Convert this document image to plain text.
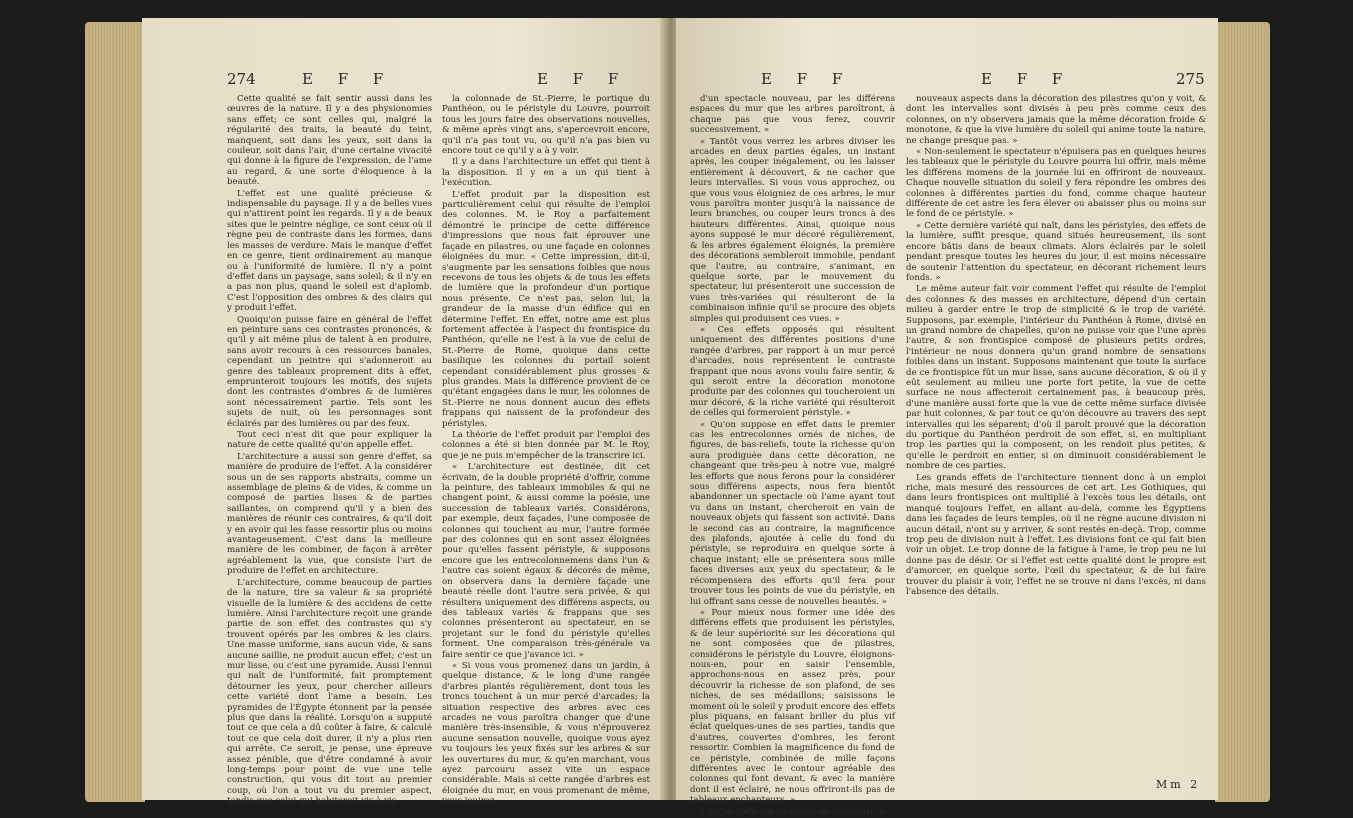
274	E F F	E F F

Cette qualité se fait sentir aussi dans les œuvres de la nature. Il y a des physionomies sans effet; ce sont celles qui, malgré la régularité des traits, la beauté du teint, manquent, soit dans les yeux, soit dans la couleur, soit dans l'air, d'une certaine vivacité qui donne à la figure de l'expression, de l'ame au regard, & une sorte d'éloquence à la beauté.

L'effet est une qualité précieuse & indispensable du paysage. Il y a de belles vues qui n'attirent point les regards. Il y a de beaux sites que le peintre néglige, ce sont ceux où il règne peu de contraste dans les formes, dans les masses de verdure. Mais le manque d'effet en ce genre, tient ordinairement au manque ou à l'uniformité de lumière. Il n'y a point d'effet dans un paysage, sans soleil; & il n'y en a pas non plus, quand le soleil est d'aplomb. C'est l'opposition des ombres & des clairs qui y produit l'effet.

Quoiqu'on puisse faire en général de l'effet en peinture sans ces contrastes prononcés, & qu'il y ait même plus de talent à en produire, sans avoir recours à ces ressources banales, cependant un peintre qui s'adonneroit au genre des tableaux proprement dits à effet, emprunteroit toujours les motifs, des sujets dont les contrastes d'ombres & de lumières sont nécessairement partie. Tels sont les sujets de nuit, où les personnages sont éclairés par des lumières ou par des feux.

Tout ceci n'est dit que pour expliquer la nature de cette qualité qu'on appelle effet.

L'architecture a aussi son genre d'effet, sa manière de produire de l'effet. A la considérer sous un de ses rapports abstraits, comme un assemblage de pleins & de vides, & comme un composé de parties lisses & de parties saillantes, on comprend qu'il y a bien des manières de réunir ces contraires, & qu'il doit y en avoir qui les fasse ressortir plus ou moins avantageusement. C'est dans la meilleure manière de les combiner, de façon à arrêter agréablement la vue, que consiste l'art de produire de l'effet en architecture.

L'architecture, comme beaucoup de parties de la nature, tire sa valeur & sa propriété visuelle de la lumière & des accidens de cette lumière. Ainsi l'architecture reçoit une grande partie de son effet des contrastes qui s'y trouvent opérés par les ombres & les clairs. Une masse uniforme, sans aucun vide, & sans aucune saillie, ne produit aucun effet; c'est un mur lisse, ou c'est une pyramide. Aussi l'ennui qui naît de l'uniformité, fait promptement détourner les yeux, pour chercher ailleurs cette variété dont l'ame a besoin. Les pyramides de l'Égypte étonnent par la pensée plus que dans la réalité. Lorsqu'on a supputé tout ce que cela a dû coûter à faire, & calculé tout ce que cela doit durer, il n'y a plus rien qui arrête. Ce seroit, je pense, une épreuve assez pénible, que d'être condamné à avoir long-temps pour point de vue une telle construction, qui vous dit tout au premier coup, où l'on a tout vu du premier aspect, tandis que celui qui habiteroit vis-à-vis

la colonnade de St.-Pierre, le portique du Panthéon, ou le péristyle du Louvre, pourroit tous les jours faire des observations nouvelles, & même après vingt ans, s'apercevroit encore, qu'il n'a pas tout vu, ou qu'il n'a pas bien vu encore tout ce qu'il y a à y voir.

Il y a dans l'architecture un effet qui tient à la disposition. Il y en a un qui tient à l'exécution.

L'effet produit par la disposition est particulièrement celui qui résulte de l'emploi des colonnes. M. le Roy a parfaitement démontré le principe de cette différence d'impressions que nous fait éprouver une façade en pilastres, ou une façade en colonnes éloignées du mur. « Cette impression, dit-il, s'augmente par les sensations foibles que nous recevons de tous les objets & de tous les effets de lumière que la profondeur d'un portique nous présente. Ce n'est pas, selon lui, la grandeur de la masse d'un édifice qui en détermine l'effet. En effet, notre ame est plus fortement affectée à l'aspect du frontispice du Panthéon, qu'elle ne l'est à la vue de celui de St.-Pierre de Rome, quoique dans cette basilique les colonnes du portail soient cependant considérablement plus grosses & plus grandes. Mais la différence provient de ce qu'étant engagées dans le mur, les colonnes de St.-Pierre ne nous donnent aucun des effets frappans qui naissent de la profondeur des péristyles.

La théorie de l'effet produit par l'emploi des colonnes a été si bien donnée par M. le Roy, que je ne puis m'empêcher de la transcrire ici.

« L'architecture est destinée, dit cet écrivain, de la double propriété d'offrir, comme la peinture, des tableaux immobiles & qui ne changent point, & aussi comme la poésie, une succession de tableaux variés. Considérons, par exemple, deux façades, l'une composée de colonnes qui touchent au mur, l'autre formée par des colonnes qui en sont assez éloignées pour qu'elles fassent péristyle, & supposons encore que les entrecolonnemens dans l'un & l'autre cas soient égaux & décorés de même, on observera dans la dernière façade une beauté réelle dont l'autre sera privée, & qui résultera uniquement des différens aspects, ou des tableaux variés & frappans que ses colonnes présenteront au spectateur, en se projetant sur le fond du péristyle qu'elles forment. Une comparaison très-générale va faire sentir ce que j'avance ici. »

« Si vous vous promenez dans un jardin, à quelque distance, & le long d'une rangée d'arbres plantés régulièrement, dont tous les troncs touchent à un mur percé d'arcades; la situation respective des arbres avec ces arcades ne vous paroîtra changer que d'une manière très-insensible, & vous n'éprouverez aucune sensation nouvelle, quoique vous ayez vu toujours les yeux fixés sur les arbres & sur les ouvertures du mur, & qu'en marchant, vous ayez parcouru assez vite un espace considérable. Mais si cette rangée d'arbres est éloignée du mur, en vous promenant de même, vous jouirez

E F F	E F F	275

d'un spectacle nouveau, par les différens espaces du mur que les arbres paroîtront, à chaque pas que vous ferez, couvrir successivement. »

« Tantôt vous verrez les arbres diviser les arcades en deux parties égales, un instant après, les couper inégalement, ou les laisser entièrement à découvert, & ne cacher que leurs intervalles. Si vous vous approchez, ou que vous vous éloigniez de ces arbres, le mur vous paroîtra monter jusqu'à la naissance de leurs branches, ou couper leurs troncs à des hauteurs différentes. Ainsi, quoique nous ayons supposé le mur décoré régulièrement, & les arbres également éloignés, la première des décorations sembleroit immobile, pendant que l'autre, au contraire, s'animant, en quelque sorte, par le mouvement du spectateur, lui présenteroit une succession de vues très-variées qui résulteront de la combinaison infinie qu'il se procure des objets simples qui produisent ces vues. »

« Ces effets opposés qui résultent uniquement des différentes positions d'une rangée d'arbres, par rapport à un mur percé d'arcades, nous représentent le contraste frappant que nous avons voulu faire sentir, & qui seroit entre la décoration monotone produite par des colonnes qui toucheroient un mur décoré, & la riche variété qui résulteroit de celles qui formeroient péristyle. »

« Qu'on suppose en effet dans le premier cas les entrecolonnes ornés de niches, de figures, de bas-reliefs, toute la richesse qu'on aura prodiguée dans cette décoration, ne changeant que très-peu à notre vue, malgré les efforts que nous ferons pour la considérer sous différens aspects, nous fera bientôt abandonner un spectacle où l'ame ayant tout vu dans un instant, chercheroit en vain de nouveaux objets qui fassent son activité. Dans le second cas au contraire, la magnificence des plafonds, ajoutée à celle du fond du péristyle, se reproduira en quelque sorte à chaque instant; elle se présentera sous mille faces diverses aux yeux du spectateur, & le récompensera des efforts qu'il fera pour trouver tous les points de vue du péristyle, en lui offrant sans cesse de nouvelles beautés. »

« Pour mieux nous former une idée des différens effets que produisent les péristyles, & de leur supériorité sur les décorations qui ne sont composées que de pilastres, considérons le péristyle du Louvre, éloignons-nous-en, pour en saisir l'ensemble, approchons-nous en assez près, pour découvrir la richesse de son plafond, de ses niches, de ses médaillons; saisissons le moment où le soleil y produit encore des effets plus piquans, en faisant briller du plus vif éclat quelques-unes de ses parties, tandis que d'autres, couvertes d'ombres, les feront ressortir. Combien la magnificence du fond de ce péristyle, combinée de mille façons différentes avec le contour agréable des colonnes qui font devant, & avec la manière dont il est éclairé, ne nous offriront-ils pas de tableaux enchanteurs. »

« Qu'on s'efforce de même de découvrir de

nouveaux aspects dans la décoration des pilastres qu'on y voit, & dont les intervalles sont divisés à peu près comme ceux des colonnes, on n'y observera jamais que la même décoration froide & monotone, & que la vive lumière du soleil qui anime toute la nature, ne change presque pas. »

« Non-seulement le spectateur n'épuisera pas en quelques heures les tableaux que le péristyle du Louvre pourra lui offrir, mais même les différens momens de la journée lui en offriront de nouveaux. Chaque nouvelle situation du soleil y fera répondre les ombres des colonnes à différentes parties du fond, comme chaque hauteur différente de cet astre les fera élever ou abaisser plus ou moins sur le fond de ce péristyle. »

« Cette dernière variété qui naît, dans les péristyles, des effets de la lumière, suffit presque, quand situés heureusement, ils sont encore bâtis dans de beaux climats. Alors éclairés par le soleil pendant presque toutes les heures du jour, il est moins nécessaire de soutenir l'attention du spectateur, en décorant richement leurs fonds. »

Le même auteur fait voir comment l'effet qui résulte de l'emploi des colonnes & des masses en architecture, dépend d'un certain milieu à garder entre le trop de simplicité & le trop de variété. Supposons, par exemple, l'intérieur du Panthéon à Rome, divisé en un grand nombre de chapelles, qu'on ne puisse voir que l'une après l'autre, & son frontispice composé de plusieurs petits ordres, l'intérieur ne nous donnera qu'un grand nombre de sensations foibles dans un instant. Supposons maintenant que toute la surface de ce frontispice fût un mur lisse, sans aucune décoration, & où il y eût seulement au milieu une porte fort petite, la vue de cette surface ne nous affecteroit certainement pas, à beaucoup près, d'une manière aussi forte que la vue de cette même surface divisée par huit colonnes, & par tout ce qu'on découvre au travers des sept intervalles qui les séparent; d'où il paroît prouvé que la décoration du portique du Panthéon perdroit de son effet, si, en multipliant trop les parties qui la composent, on les rendoit plus petites, & qu'elle le perdroit en entier, si on diminuoit considérablement le nombre de ces parties.

Les grands effets de l'architecture tiennent donc à un emploi riche, mais mesuré des ressources de cet art. Les Gothiques, qui dans leurs frontispices ont multiplié à l'excès tous les détails, ont manqué toujours l'effet, en allant au-delà, comme les Égyptiens dans les façades de leurs temples, où il ne règne aucune division ni aucun détail, n'ont su y arriver, & sont restés en-deçà. Trop, comme trop peu de division nuit à l'effet. Les divisions font ce qui fait bien voir un objet. Le trop donne de la fatigue à l'ame, le trop peu ne lui donne pas de désir. Or si l'effet est cette qualité dont le propre est d'amorcer, en quelque sorte, l'œil du spectateur, & de lui faire trouver du plaisir à voir, l'effet ne se trouve ni dans l'excès, ni dans l'absence des détails.

Mm 2
